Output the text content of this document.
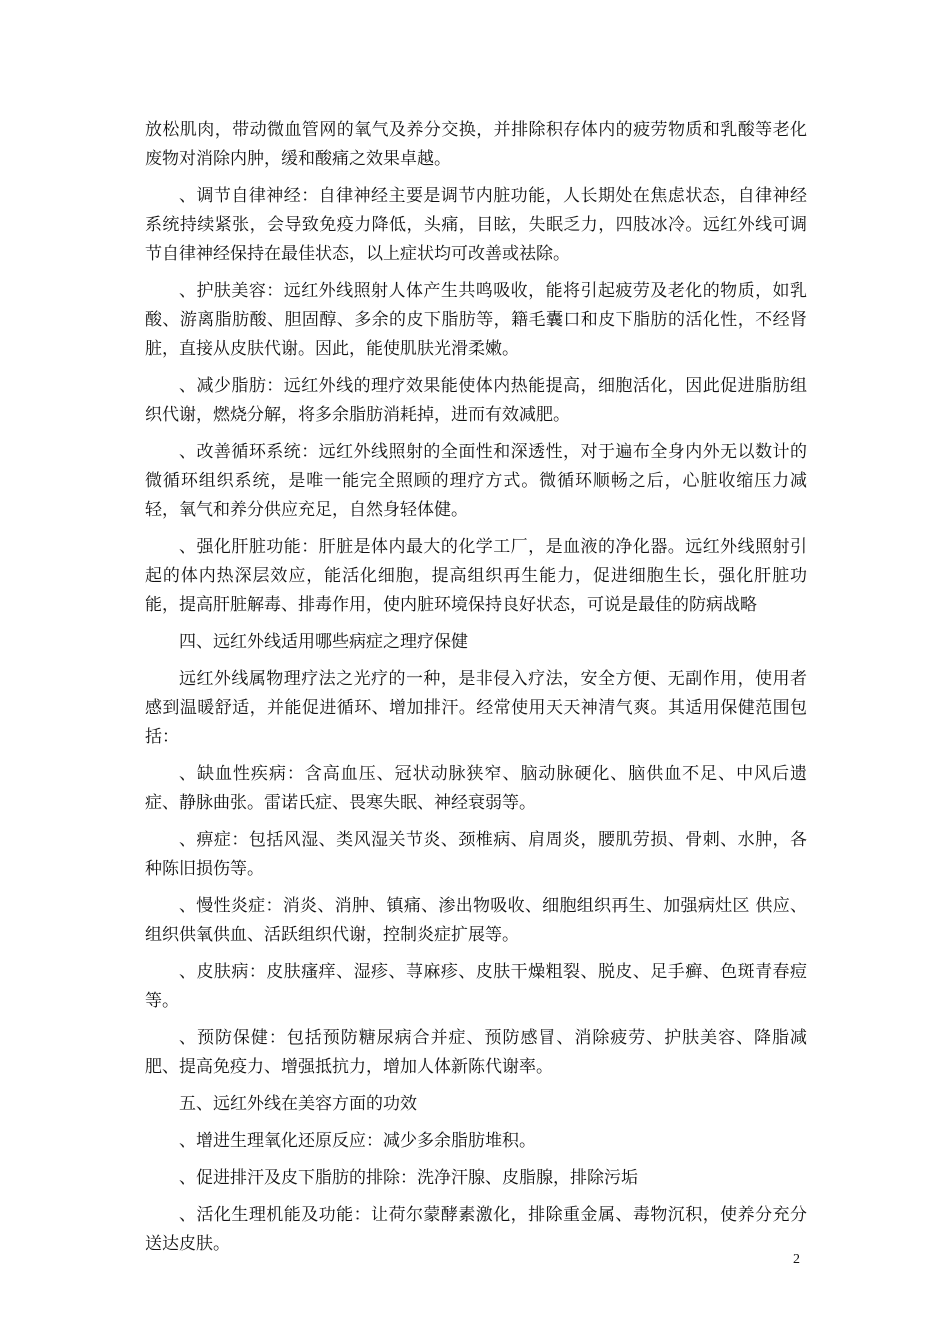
放松肌肉，带动微血管网的氧气及养分交换，并排除积存体内的疲劳物质和乳酸等老化废物对消除内肿，缓和酸痛之效果卓越。

、调节自律神经：自律神经主要是调节内脏功能，人长期处在焦虑状态，自律神经系统持续紧张，会导致免疫力降低，头痛，目眩，失眠乏力，四肢冰冷。远红外线可调节自律神经保持在最佳状态，以上症状均可改善或祛除。

、护肤美容：远红外线照射人体产生共鸣吸收，能将引起疲劳及老化的物质，如乳酸、游离脂肪酸、胆固醇、多余的皮下脂肪等，籍毛囊口和皮下脂肪的活化性，不经肾脏，直接从皮肤代谢。因此，能使肌肤光滑柔嫩。

、减少脂肪：远红外线的理疗效果能使体内热能提高，细胞活化，因此促进脂肪组织代谢，燃烧分解，将多余脂肪消耗掉，进而有效减肥。

、改善循环系统：远红外线照射的全面性和深透性，对于遍布全身内外无以数计的微循环组织系统，是唯一能完全照顾的理疗方式。微循环顺畅之后，心脏收缩压力减轻，氧气和养分供应充足，自然身轻体健。

、强化肝脏功能：肝脏是体内最大的化学工厂，是血液的净化器。远红外线照射引起的体内热深层效应，能活化细胞，提高组织再生能力，促进细胞生长，强化肝脏功能，提高肝脏解毒、排毒作用，使内脏环境保持良好状态，可说是最佳的防病战略

四、远红外线适用哪些病症之理疗保健

远红外线属物理疗法之光疗的一种，是非侵入疗法，安全方便、无副作用，使用者感到温暖舒适，并能促进循环、增加排汗。经常使用天天神清气爽。其适用保健范围包括：

、缺血性疾病：含高血压、冠状动脉狭窄、脑动脉硬化、脑供血不足、中风后遗症、静脉曲张。雷诺氏症、畏寒失眠、神经衰弱等。

、痹症：包括风湿、类风湿关节炎、颈椎病、肩周炎，腰肌劳损、骨刺、水肿，各种陈旧损伤等。

、慢性炎症：消炎、消肿、镇痛、渗出物吸收、细胞组织再生、加强病灶区 供应、组织供氧供血、活跃组织代谢，控制炎症扩展等。

、皮肤病：皮肤瘙痒、湿疹、荨麻疹、皮肤干燥粗裂、脱皮、足手癣、色斑青春痘等。

、预防保健：包括预防糖尿病合并症、预防感冒、消除疲劳、护肤美容、降脂减肥、提高免疫力、增强抵抗力，增加人体新陈代谢率。

五、远红外线在美容方面的功效

、增进生理氧化还原反应：减少多余脂肪堆积。

、促进排汗及皮下脂肪的排除：洗净汗腺、皮脂腺，排除污垢

、活化生理机能及功能：让荷尔蒙酵素激化，排除重金属、毒物沉积，使养分充分送达皮肤。

2
